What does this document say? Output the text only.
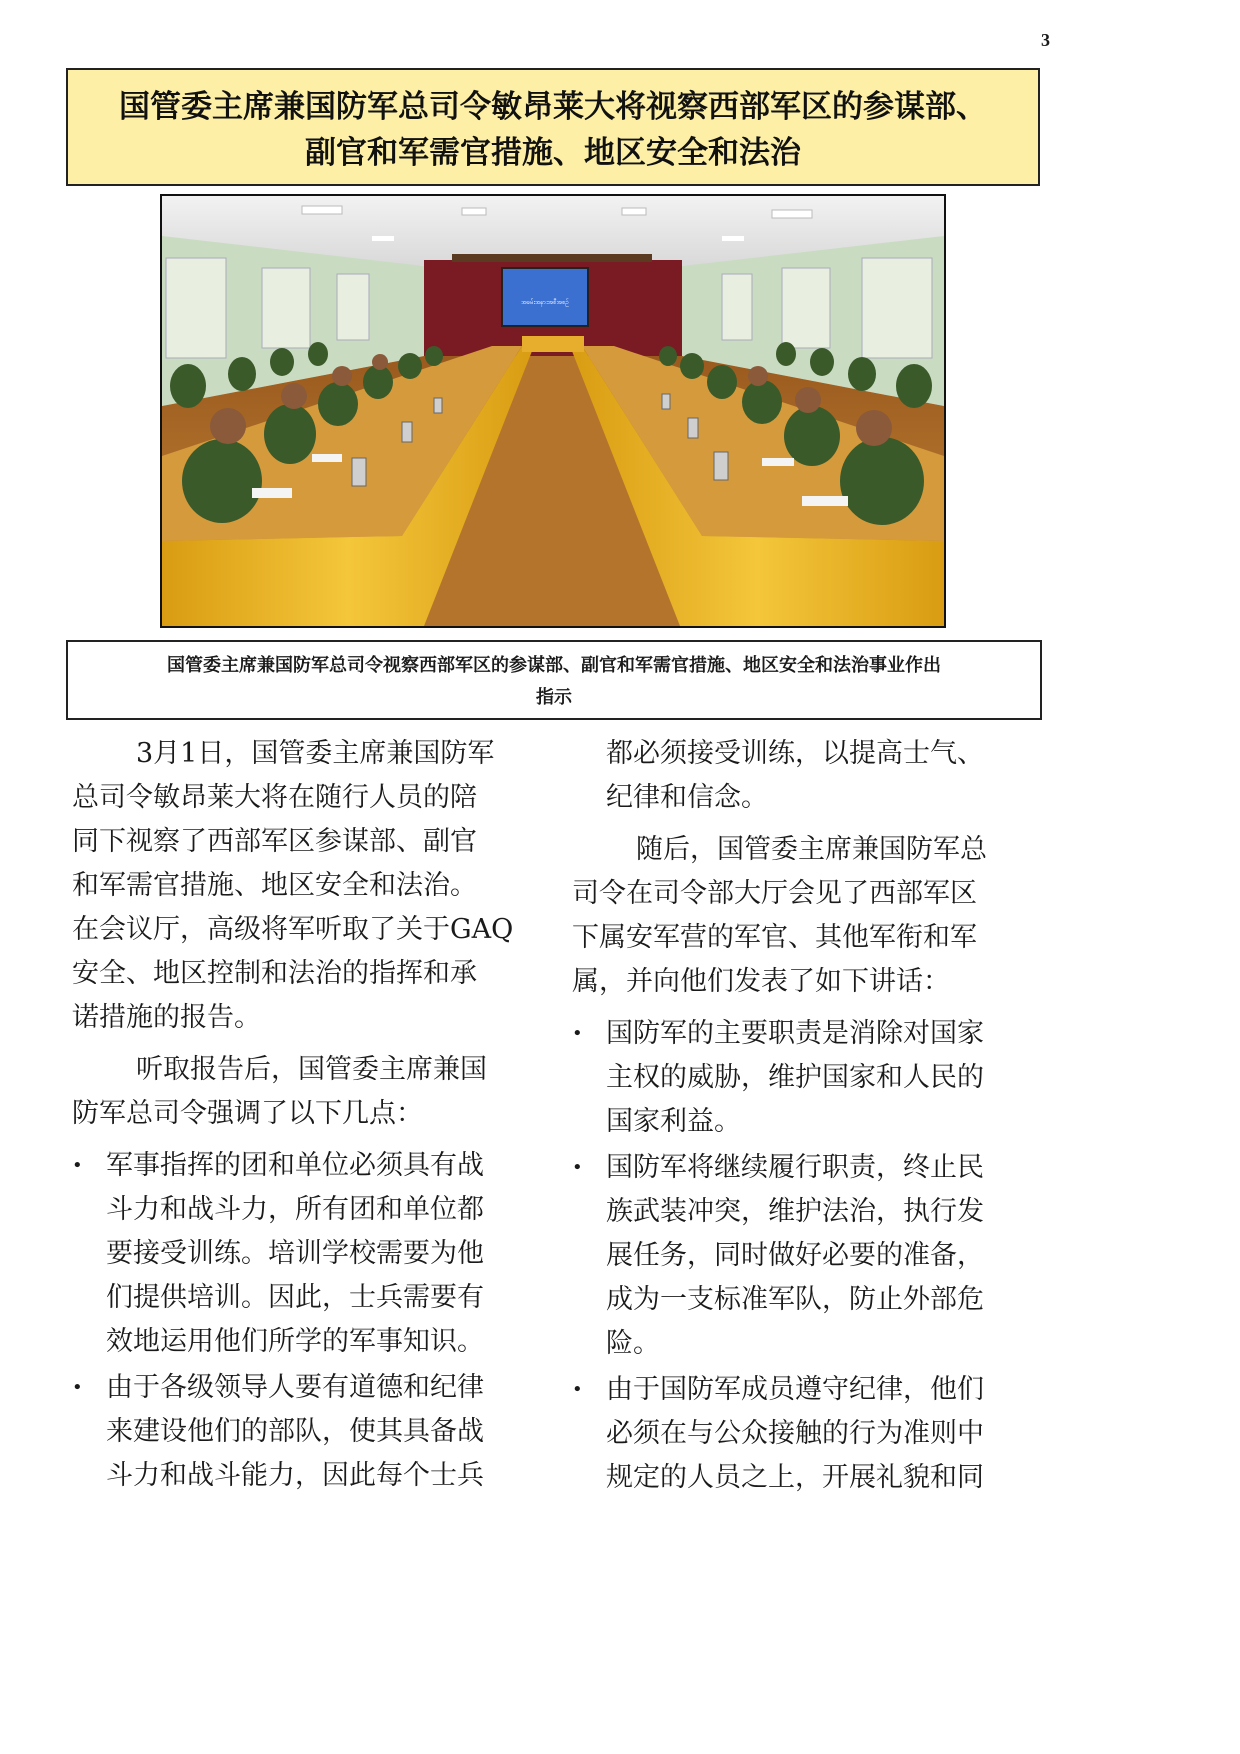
3
国管委主席兼国防军总司令敏昂莱大将视察西部军区的参谋部、
副官和军需官措施、地区安全和法治
အခမ်းအနားအစီအစဉ်
国管委主席兼国防军总司令视察西部军区的参谋部、副官和军需官措施、地区安全和法治事业作出
指示
3月1日，国管委主席兼国防军
总司令敏昂莱大将在随行人员的陪
同下视察了西部军区参谋部、副官
和军需官措施、地区安全和法治。
在会议厅，高级将军听取了关于GAQ
安全、地区控制和法治的指挥和承
诺措施的报告。
听取报告后，国管委主席兼国
防军总司令强调了以下几点：
• 军事指挥的团和单位必须具有战
斗力和战斗力，所有团和单位都
要接受训练。培训学校需要为他
们提供培训。因此，士兵需要有
效地运用他们所学的军事知识。
• 由于各级领导人要有道德和纪律
来建设他们的部队，使其具备战
斗力和战斗能力，因此每个士兵
都必须接受训练，以提高士气、
纪律和信念。
随后，国管委主席兼国防军总
司令在司令部大厅会见了西部军区
下属安军营的军官、其他军衔和军
属，并向他们发表了如下讲话：
• 国防军的主要职责是消除对国家
主权的威胁，维护国家和人民的
国家利益。
• 国防军将继续履行职责，终止民
族武装冲突，维护法治，执行发
展任务，同时做好必要的准备，
成为一支标准军队，防止外部危
险。
• 由于国防军成员遵守纪律，他们
必须在与公众接触的行为准则中
规定的人员之上，开展礼貌和同
